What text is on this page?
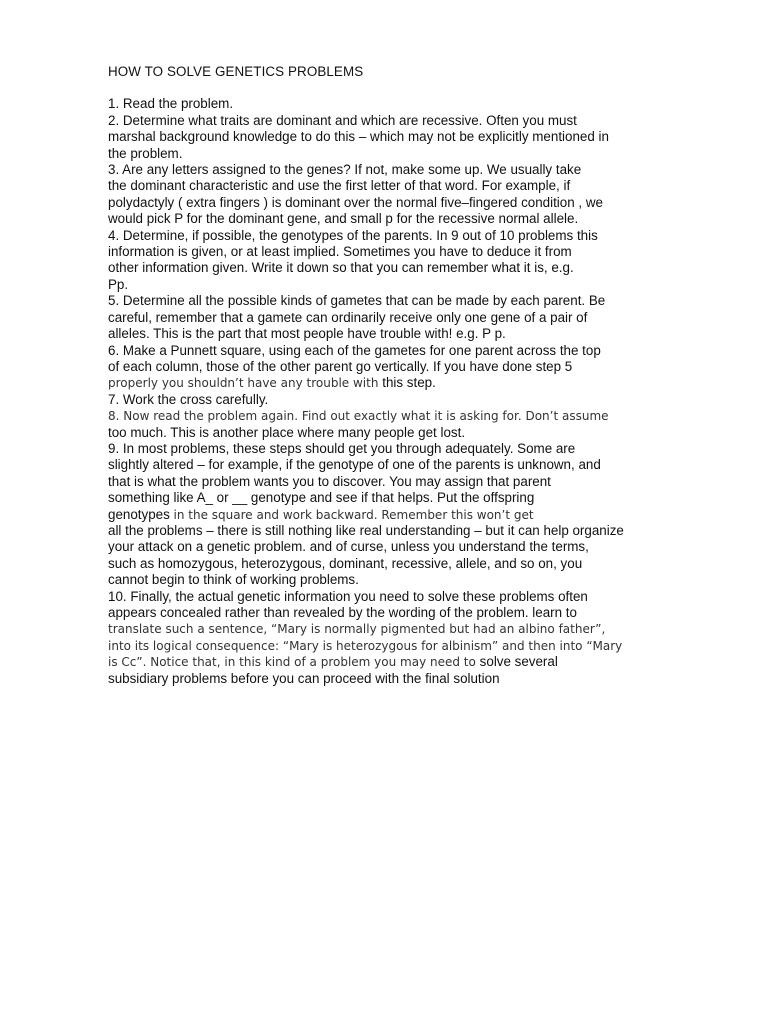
HOW TO SOLVE GENETICS PROBLEMS
1. Read the problem.
2. Determine what traits are dominant and which are recessive. Often you must
marshal background knowledge to do this – which may not be explicitly mentioned in
the problem.
3. Are any letters assigned to the genes? If not, make some up. We usually take
the dominant characteristic and use the first letter of that word. For example, if
polydactyly ( extra fingers ) is dominant over the normal five–fingered condition , we
would pick P for the dominant gene, and small p for the recessive normal allele.
4. Determine, if possible, the genotypes of the parents. In 9 out of 10 problems this
information is given, or at least implied. Sometimes you have to deduce it from
other information given. Write it down so that you can remember what it is, e.g.
Pp.
5. Determine all the possible kinds of gametes that can be made by each parent. Be
careful, remember that a gamete can ordinarily receive only one gene of a pair of
alleles. This is the part that most people have trouble with! e.g. P p.
6. Make a Punnett square, using each of the gametes for one parent across the top
of each column, those of the other parent go vertically. If you have done step 5
properly you shouldn’t have any trouble with this step.
7. Work the cross carefully.
8. Now read the problem again. Find out exactly what it is asking for. Don’t assume
too much. This is another place where many people get lost.
9. In most problems, these steps should get you through adequately. Some are
slightly altered – for example, if the genotype of one of the parents is unknown, and
that is what the problem wants you to discover. You may assign that parent
something like A_ or __ genotype and see if that helps. Put the offspring
genotypes in the square and work backward. Remember this won’t get
all the problems – there is still nothing like real understanding – but it can help organize
your attack on a genetic problem. and of curse, unless you understand the terms,
such as homozygous, heterozygous, dominant, recessive, allele, and so on, you
cannot begin to think of working problems.
10. Finally, the actual genetic information you need to solve these problems often
appears concealed rather than revealed by the wording of the problem. learn to
translate such a sentence, “Mary is normally pigmented but had an albino father”,
into its logical consequence: “Mary is heterozygous for albinism” and then into “Mary
is Cc”. Notice that, in this kind of a problem you may need to solve several
subsidiary problems before you can proceed with the final solution
